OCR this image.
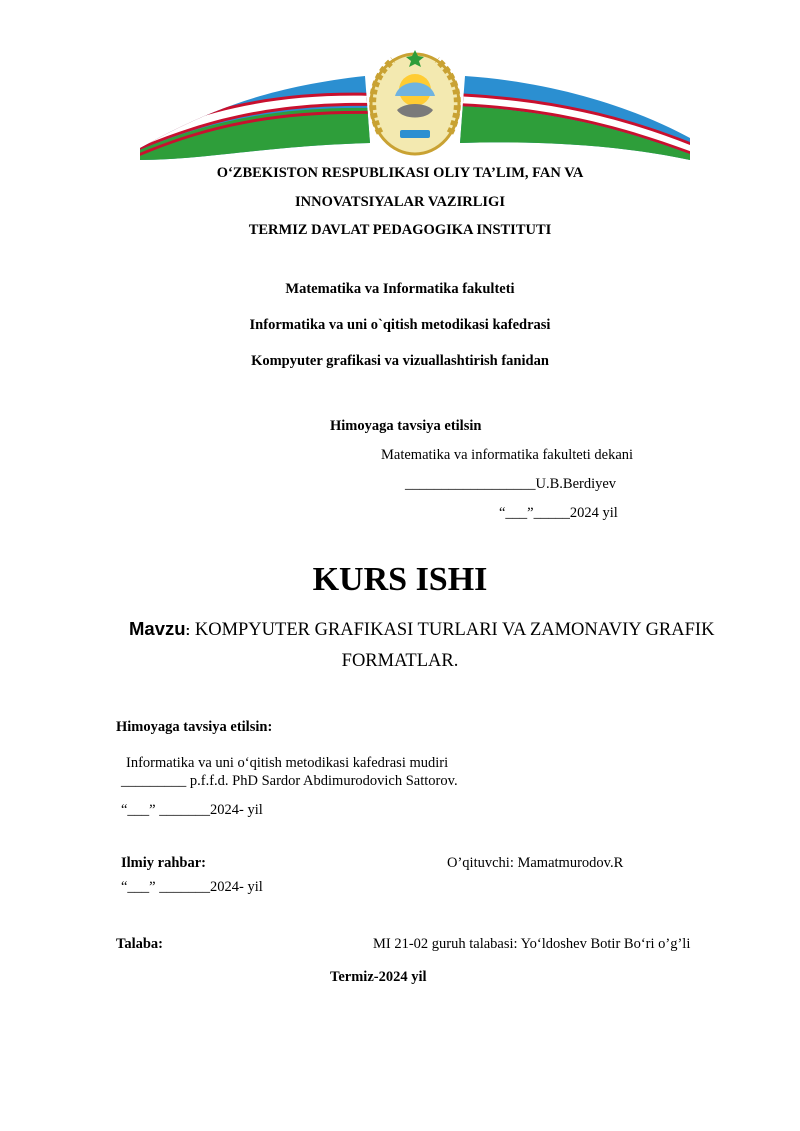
O‘ZBEKISTON RESPUBLIKASI OLIY TA’LIM, FAN VA
INNOVATSIYALAR VAZIRLIGI
TERMIZ DAVLAT PEDAGOGIKA INSTITUTI
Matematika va Informatika fakulteti
Informatika va uni o`qitish metodikasi kafedrasi
Kompyuter grafikasi va vizuallashtirish fanidan
Himoyaga tavsiya etilsin
Matematika va informatika fakulteti dekani
__________________U.B.Berdiyev
“___”_____2024 yil
KURS ISHI
Mavzu: KOMPYUTER GRAFIKASI TURLARI VA ZAMONAVIY GRAFIK
FORMATLAR.
Himoyaga tavsiya etilsin:
Informatika va uni o‘qitish metodikasi kafedrasi mudiri
_________ p.f.f.d. PhD Sardor Abdimurodovich Sattorov.
“___” _______2024- yil
Ilmiy rahbar:	O’qituvchi: Mamatmurodov.R
“___” _______2024- yil
Talaba:	MI 21-02 guruh talabasi: Yo‘ldoshev Botir Bo‘ri o’g’li
Termiz-2024 yil
